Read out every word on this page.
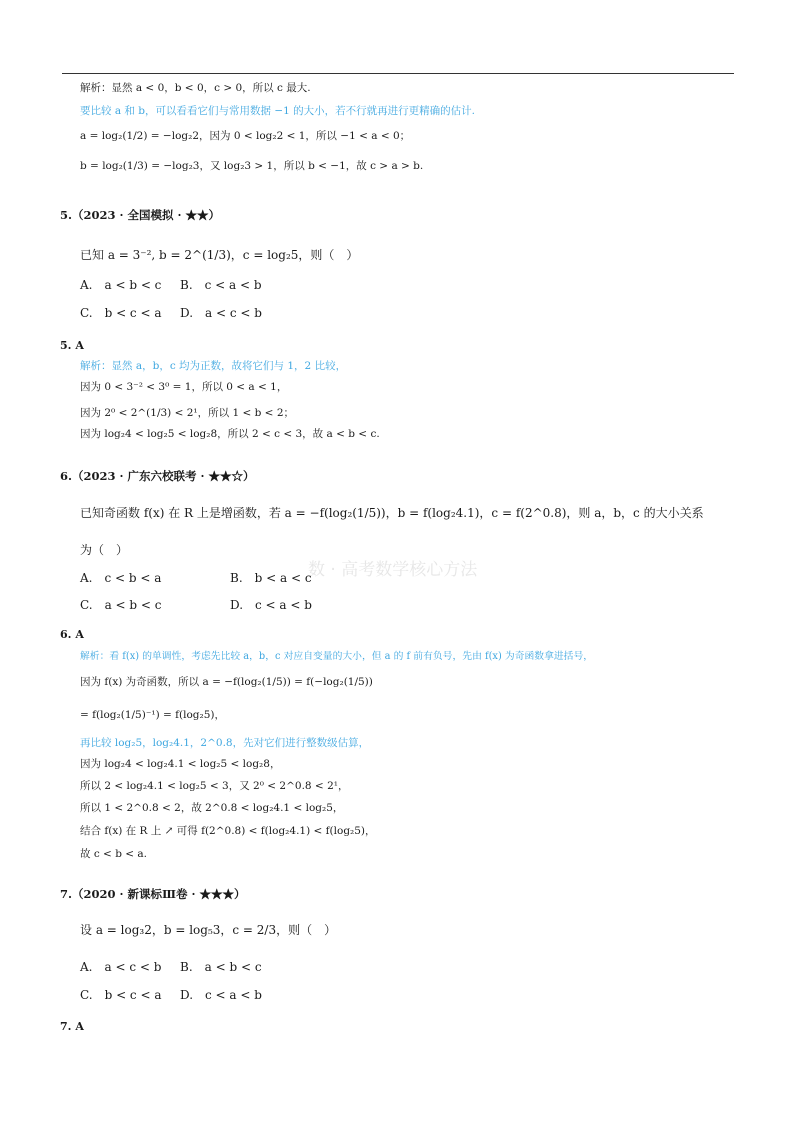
数 · 高考数学核心方法
解析：显然 a < 0，b < 0，c > 0，所以 c 最大.
要比较 a 和 b，可以看看它们与常用数据 −1 的大小，若不行就再进行更精确的估计.
a = log₂(1/2) = −log₂2，因为 0 < log₂2 < 1，所以 −1 < a < 0；
b = log₂(1/3) = −log₂3，又 log₂3 > 1，所以 b < −1，故 c > a > b.
5.（2023 · 全国模拟 · ★★）
已知 a = 3⁻², b = 2^(1/3)，c = log₂5，则（　）
A.　a < b < c B.　c < a < b
C.　b < c < a D.　a < c < b
5. A
解析：显然 a，b，c 均为正数，故将它们与 1，2 比较，
因为 0 < 3⁻² < 3⁰ = 1，所以 0 < a < 1，
因为 2⁰ < 2^(1/3) < 2¹，所以 1 < b < 2；
因为 log₂4 < log₂5 < log₂8，所以 2 < c < 3，故 a < b < c.
6.（2023 · 广东六校联考 · ★★☆）
已知奇函数 f(x) 在 R 上是增函数，若 a = −f(log₂(1/5))，b = f(log₂4.1)，c = f(2^0.8)，则 a，b，c 的大小关系
为（　）
A.　c < b < a	B.　b < a < c
C.　a < b < c	D.　c < a < b
6. A
解析：看 f(x) 的单调性，考虑先比较 a，b，c 对应自变量的大小，但 a 的 f 前有负号，先由 f(x) 为奇函数拿进括号，
因为 f(x) 为奇函数，所以 a = −f(log₂(1/5)) = f(−log₂(1/5))
= f(log₂(1/5)⁻¹) = f(log₂5)，
再比较 log₂5，log₂4.1，2^0.8，先对它们进行整数级估算，
因为 log₂4 < log₂4.1 < log₂5 < log₂8，
所以 2 < log₂4.1 < log₂5 < 3，又 2⁰ < 2^0.8 < 2¹，
所以 1 < 2^0.8 < 2，故 2^0.8 < log₂4.1 < log₂5，
结合 f(x) 在 R 上 ↗ 可得 f(2^0.8) < f(log₂4.1) < f(log₂5)，
故 c < b < a.
7.（2020 · 新课标Ⅲ卷 · ★★★）
设 a = log₃2，b = log₅3，c = 2/3，则（　）
A.　a < c < b B.　a < b < c
C.　b < c < a D.　c < a < b
7. A
